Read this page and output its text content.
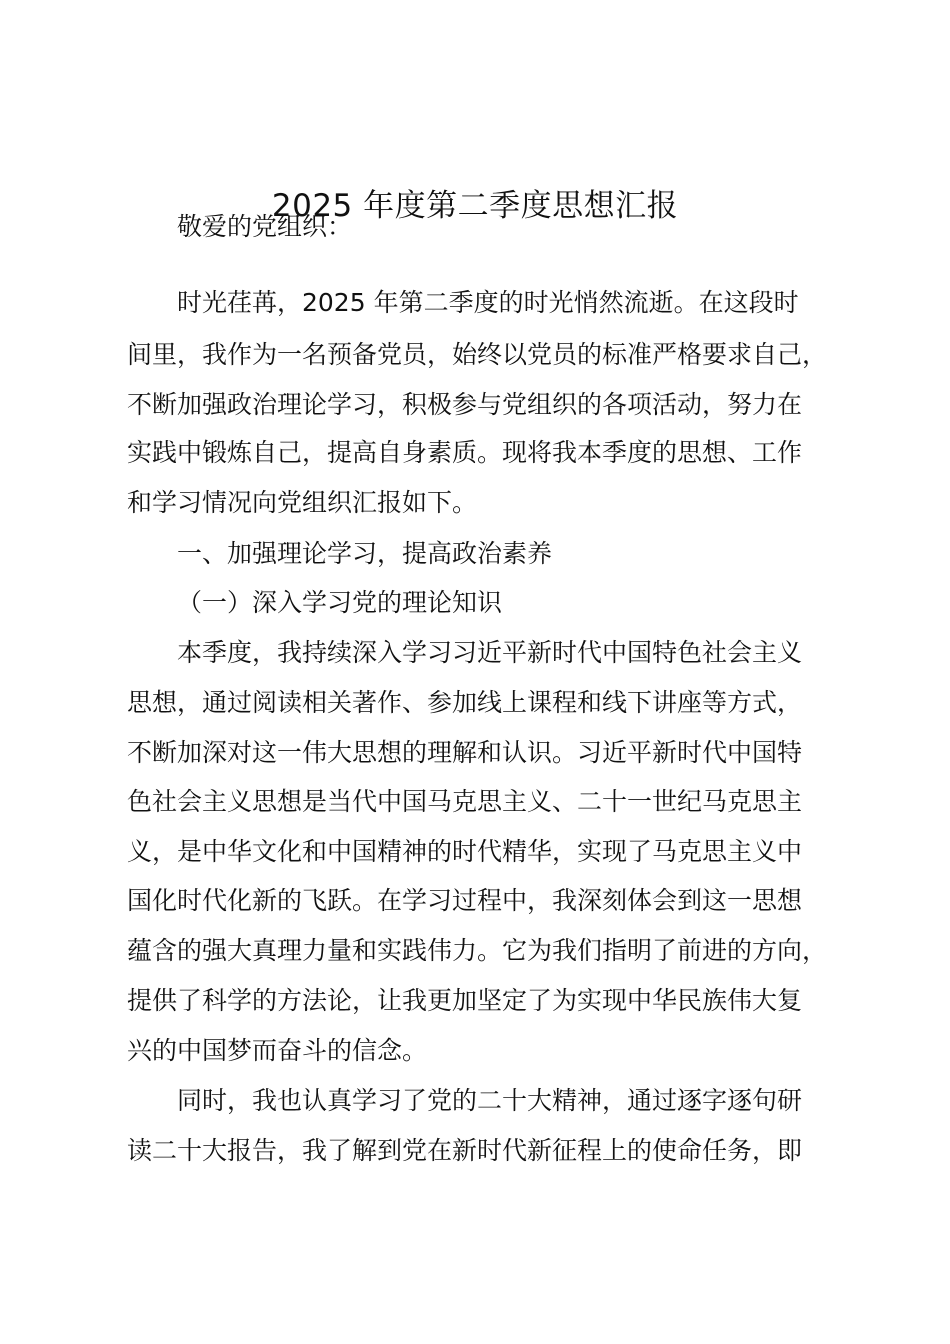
2025 年度第二季度思想汇报

敬爱的党组织：

时光荏苒，2025 年第二季度的时光悄然流逝。在这段时

间里，我作为一名预备党员，始终以党员的标准严格要求自己，

不断加强政治理论学习，积极参与党组织的各项活动，努力在

实践中锻炼自己，提高自身素质。现将我本季度的思想、工作

和学习情况向党组织汇报如下。

一、加强理论学习，提高政治素养

（一）深入学习党的理论知识

本季度，我持续深入学习习近平新时代中国特色社会主义

思想，通过阅读相关著作、参加线上课程和线下讲座等方式，

不断加深对这一伟大思想的理解和认识。习近平新时代中国特

色社会主义思想是当代中国马克思主义、二十一世纪马克思主

义，是中华文化和中国精神的时代精华，实现了马克思主义中

国化时代化新的飞跃。在学习过程中，我深刻体会到这一思想

蕴含的强大真理力量和实践伟力。它为我们指明了前进的方向，

提供了科学的方法论，让我更加坚定了为实现中华民族伟大复

兴的中国梦而奋斗的信念。

同时，我也认真学习了党的二十大精神，通过逐字逐句研

读二十大报告，我了解到党在新时代新征程上的使命任务，即
